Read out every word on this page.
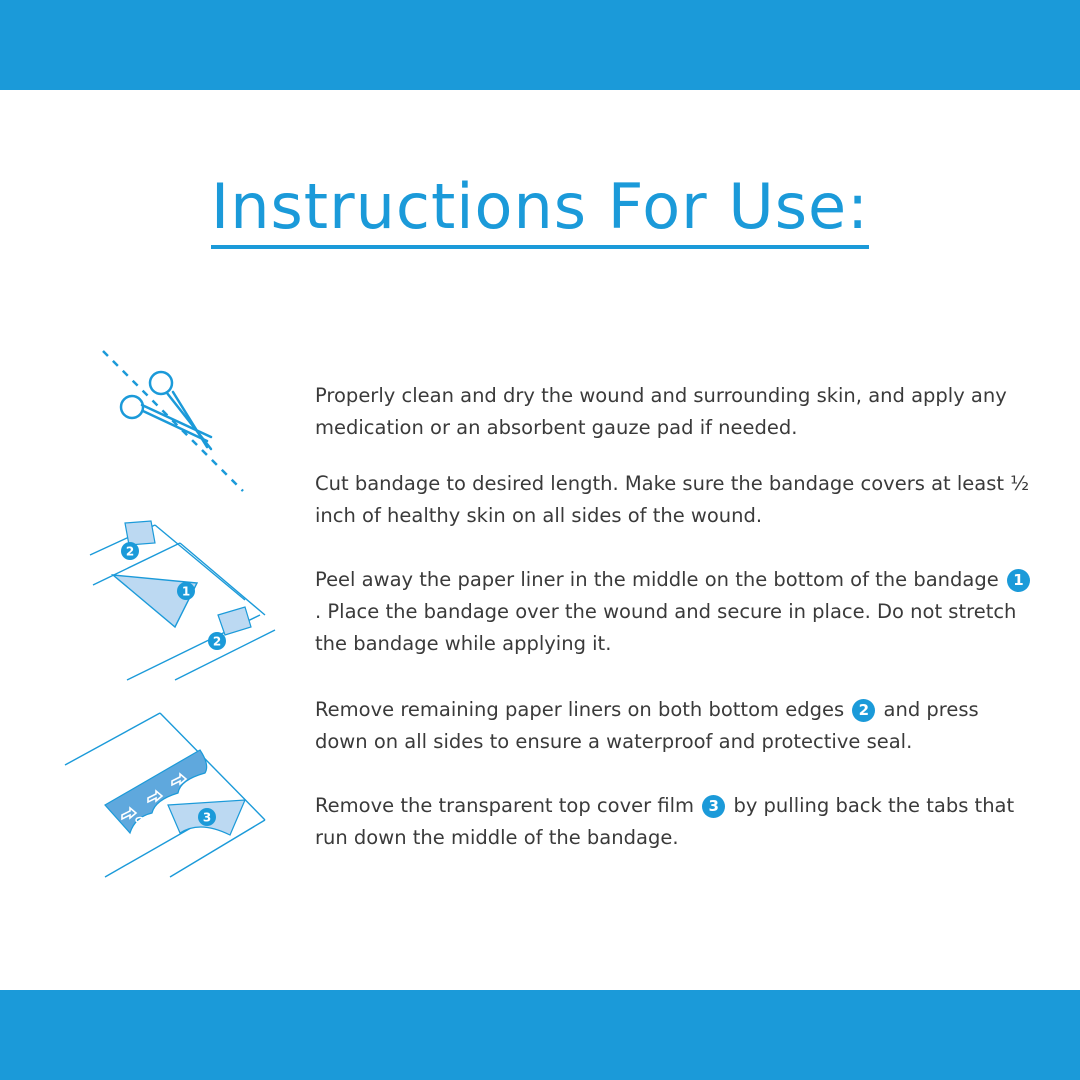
Instructions For Use:
2
1
2
3

Properly clean and dry the wound and surrounding skin, and apply any medication or an absorbent gauze pad if needed.

Cut bandage to desired length. Make sure the bandage covers at least ½ inch of healthy skin on all sides of the wound.

Peel away the paper liner in the middle on the bottom of the bandage 1. Place the bandage over the wound and secure in place. Do not stretch the bandage while applying it.

Remove remaining paper liners on both bottom edges 2 and press down on all sides to ensure a waterproof and protective seal.

Remove the transparent top cover film 3 by pulling back the tabs that run down the middle of the bandage.
